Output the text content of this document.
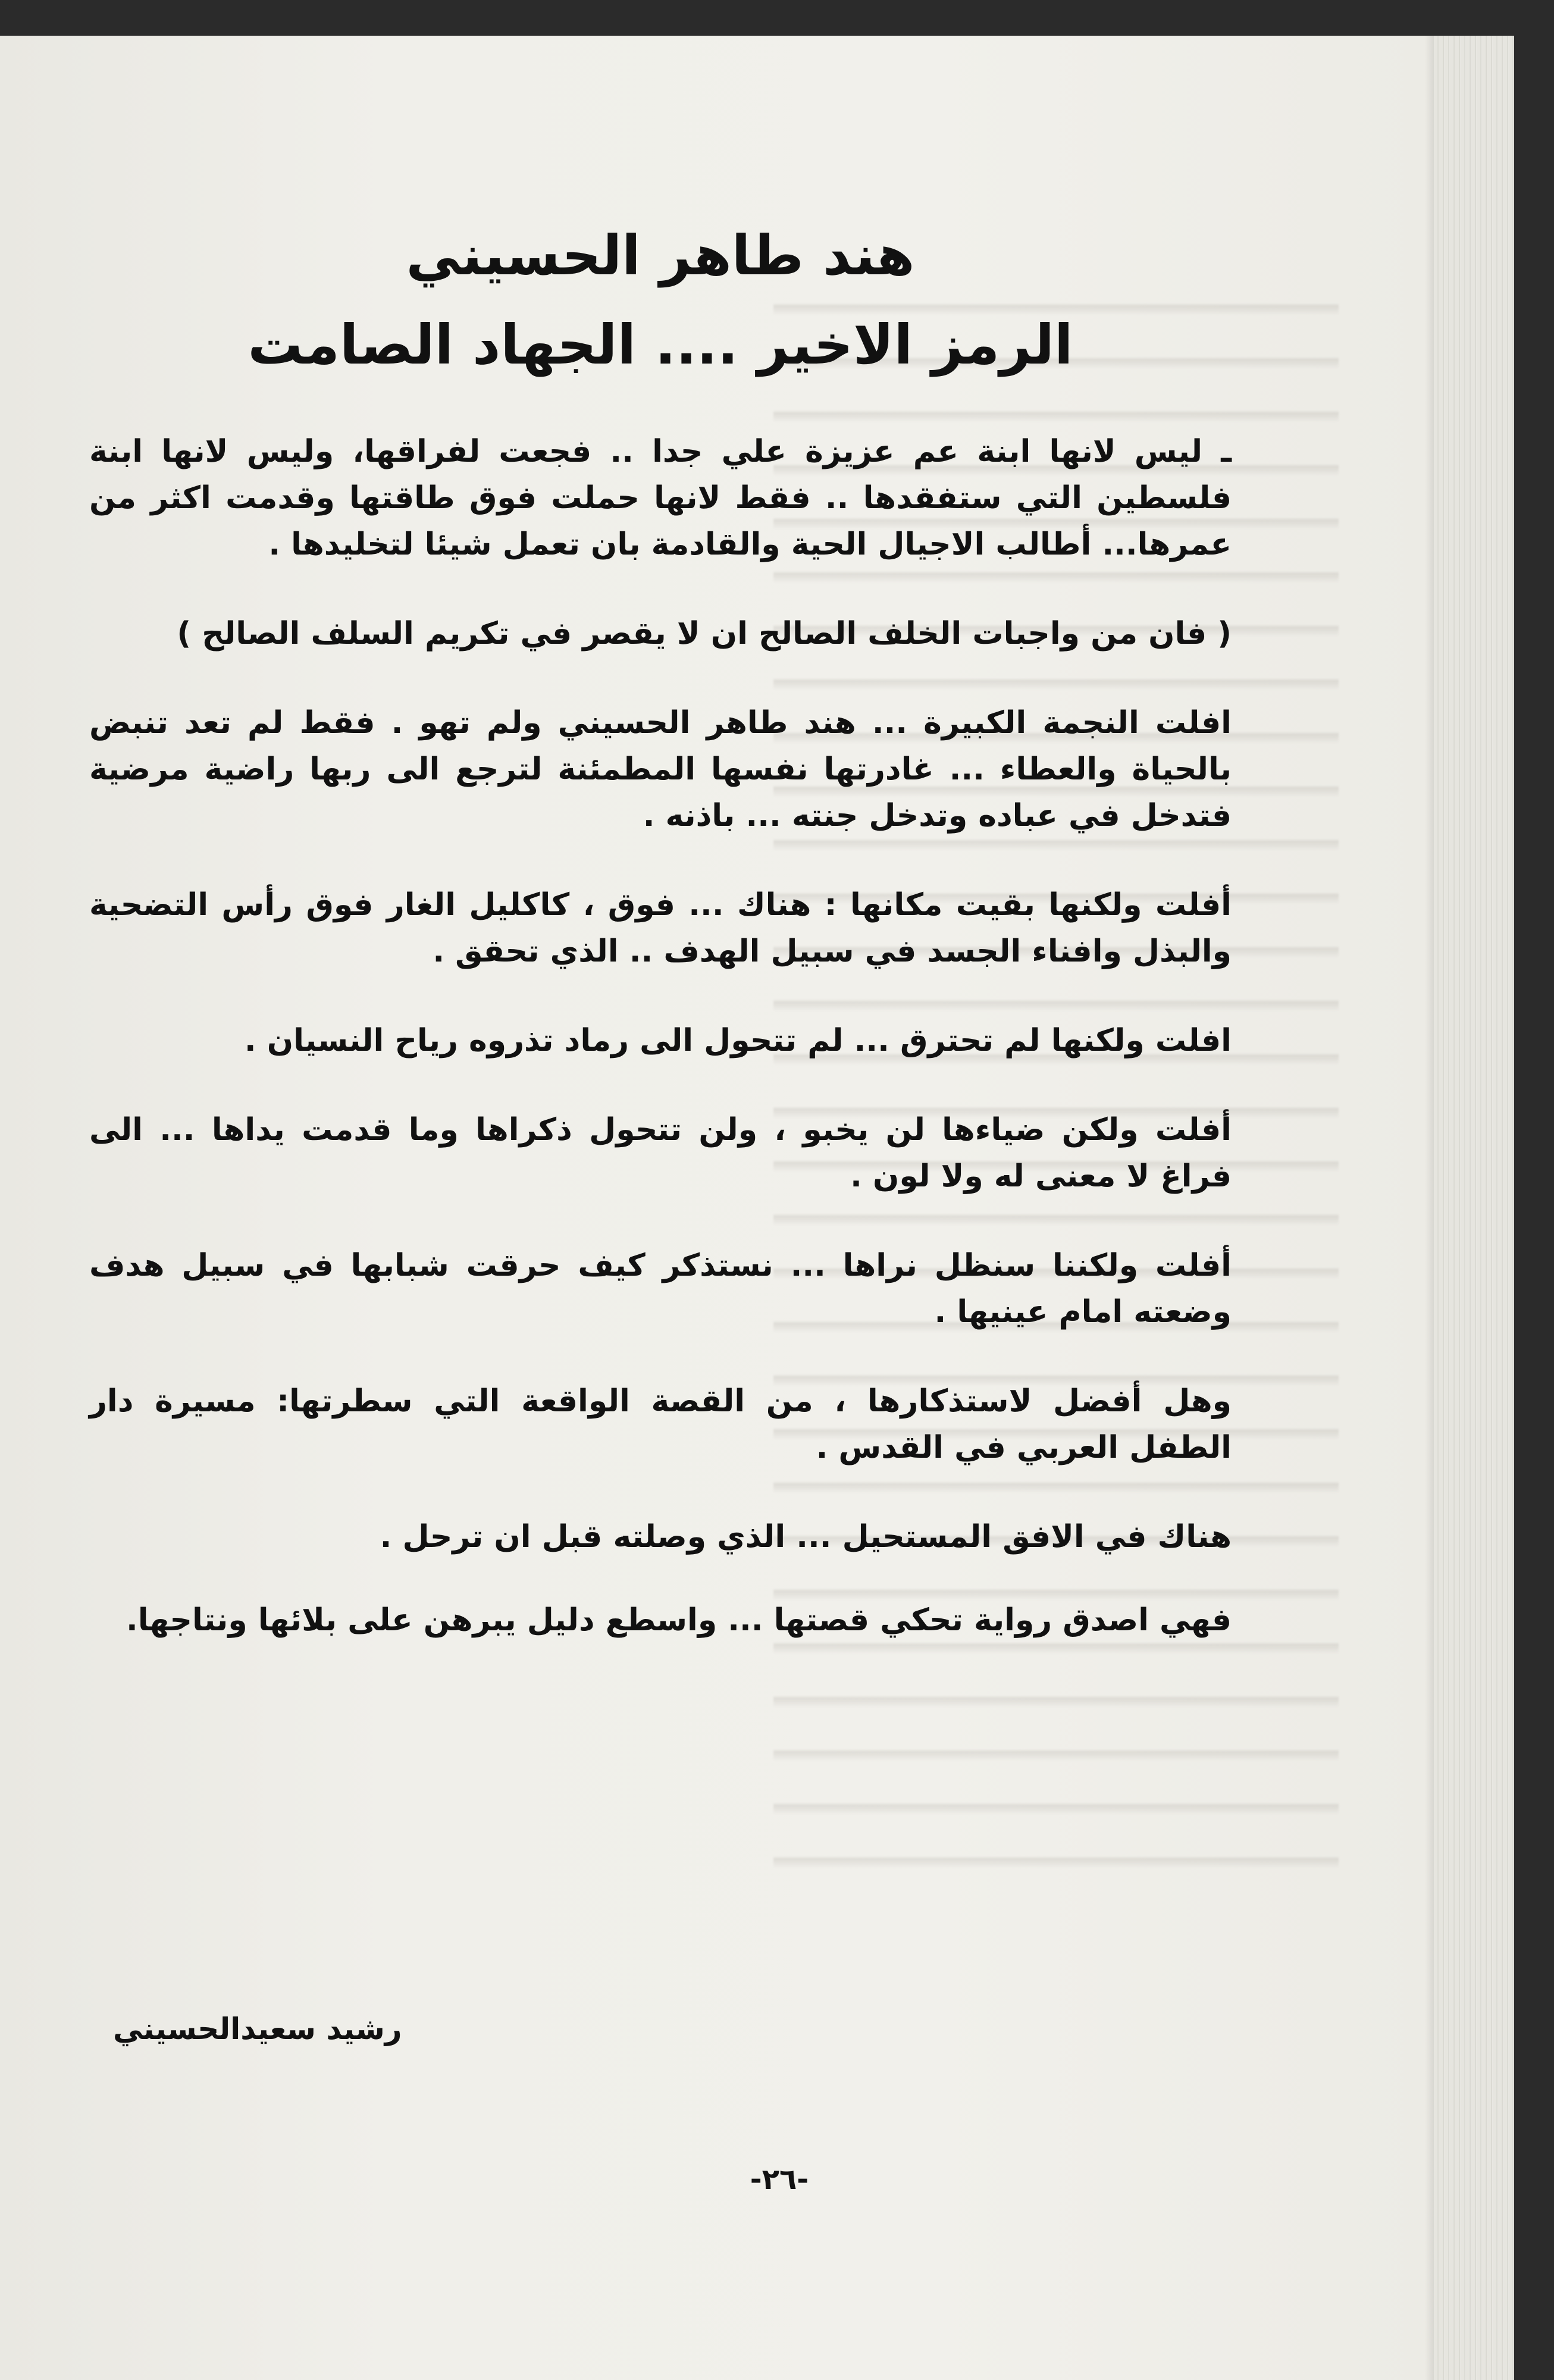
هند طاهر الحسيني
الرمز الاخير .... الجهاد الصامت

ـ ليس لانها ابنة عم عزيزة علي جدا .. فجعت لفراقها، وليس لانها ابنة فلسطين التي ستفقدها .. فقط لانها حملت فوق طاقتها وقدمت اكثر من عمرها... أطالب الاجيال الحية والقادمة بان تعمل شيئا لتخليدها .

( فان من واجبات الخلف الصالح ان لا يقصر في تكريم السلف الصالح )

افلت النجمة الكبيرة ... هند طاهر الحسيني ولم تهو . فقط لم تعد تنبض بالحياة والعطاء ... غادرتها نفسها المطمئنة لترجع الى ربها راضية مرضية فتدخل في عباده وتدخل جنته ... باذنه .

أفلت ولكنها بقيت مكانها : هناك ... فوق ، كاكليل الغار فوق رأس التضحية والبذل وافناء الجسد في سبيل الهدف .. الذي تحقق .

افلت ولكنها لم تحترق ... لم تتحول الى رماد تذروه رياح النسيان .

أفلت ولكن ضياءها لن يخبو ، ولن تتحول ذكراها وما قدمت يداها ... الى فراغ لا معنى له ولا لون .

أفلت ولكننا سنظل نراها ... نستذكر كيف حرقت شبابها في سبيل هدف وضعته امام عينيها .

وهل أفضل لاستذكارها ، من القصة الواقعة التي سطرتها: مسيرة دار الطفل العربي في القدس .

هناك في الافق المستحيل ... الذي وصلته قبل ان ترحل .

فهي اصدق رواية تحكي قصتها ... واسطع دليل يبرهن على بلائها ونتاجها.

رشيد سعيدالحسيني
-٢٦-
